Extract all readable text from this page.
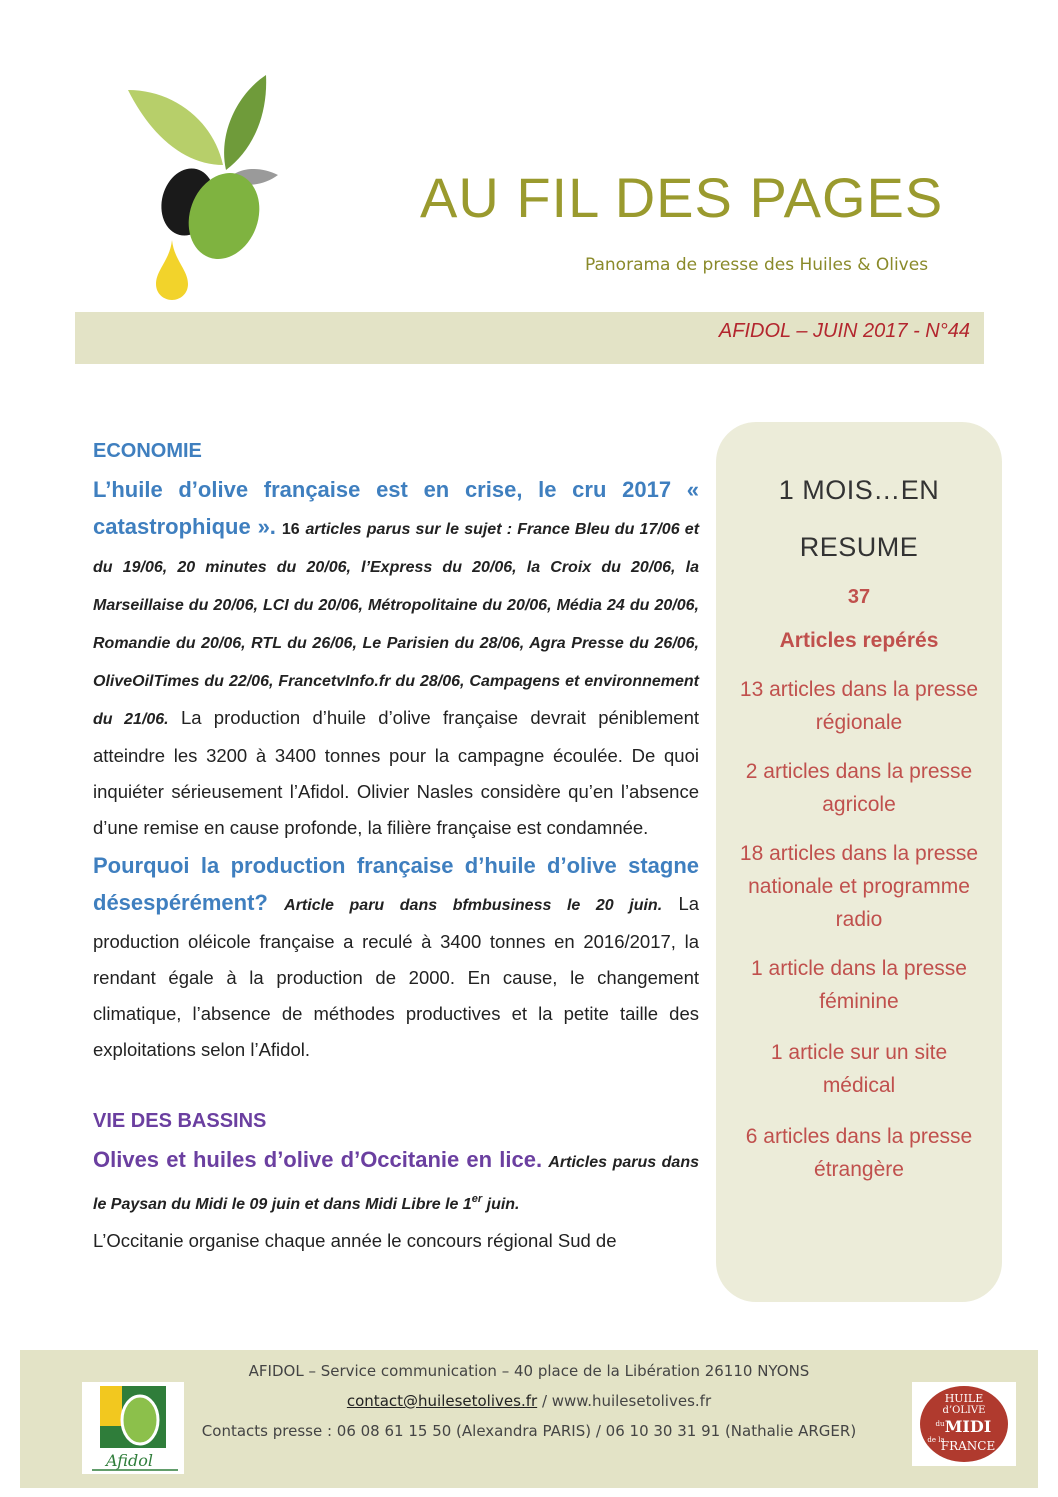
AU FIL DES PAGES
Panorama de presse des Huiles & Olives
AFIDOL – JUIN 2017 - N°44

ECONOMIE

L’huile d’olive française est en crise, le cru 2017 « catastrophique ». 16 articles parus sur le sujet : France Bleu du 17/06 et du 19/06, 20 minutes du 20/06, l’Express du 20/06, la Croix du 20/06, la Marseillaise du 20/06, LCI du 20/06, Métropolitaine du 20/06, Média 24 du 20/06, Romandie du 20/06, RTL du 26/06, Le Parisien du 28/06, Agra Presse du 26/06, OliveOilTimes du 22/06, FrancetvInfo.fr du 28/06, Campagens et environnement du 21/06. La production d’huile d’olive française devrait péniblement atteindre les 3200 à 3400 tonnes pour la campagne écoulée. De quoi inquiéter sérieusement l’Afidol. Olivier Nasles considère qu’en l’absence d’une remise en cause profonde, la filière française est condamnée.

Pourquoi la production française d’huile d’olive stagne désespérément? Article paru dans bfmbusiness le 20 juin. La production oléicole française a reculé à 3400 tonnes en 2016/2017, la rendant égale à la production de 2000. En cause, le changement climatique, l’absence de méthodes productives et la petite taille des exploitations selon l’Afidol.

VIE DES BASSINS

Olives et huiles d’olive d’Occitanie en lice. Articles parus dans le Paysan du Midi le 09 juin et dans Midi Libre le 1er juin.
L’Occitanie organise chaque année le concours régional Sud de

1 MOIS…EN
RESUME
37
Articles repérés
13 articles dans la presse régionale
2 articles dans la presse agricole
18 articles dans la presse nationale et programme radio
1 article dans la presse féminine
1 article sur un site médical
6 articles dans la presse étrangère
AFIDOL – Service communication – 40 place de la Libération 26110 NYONS
contact@huilesetolives.fr / www.huilesetolives.fr
Contacts presse : 06 08 61 15 50 (Alexandra PARIS) / 06 10 30 31 91 (Nathalie ARGER)
Afidol
HUILE
d’OLIVE
du MIDI
de la
FRANCE
